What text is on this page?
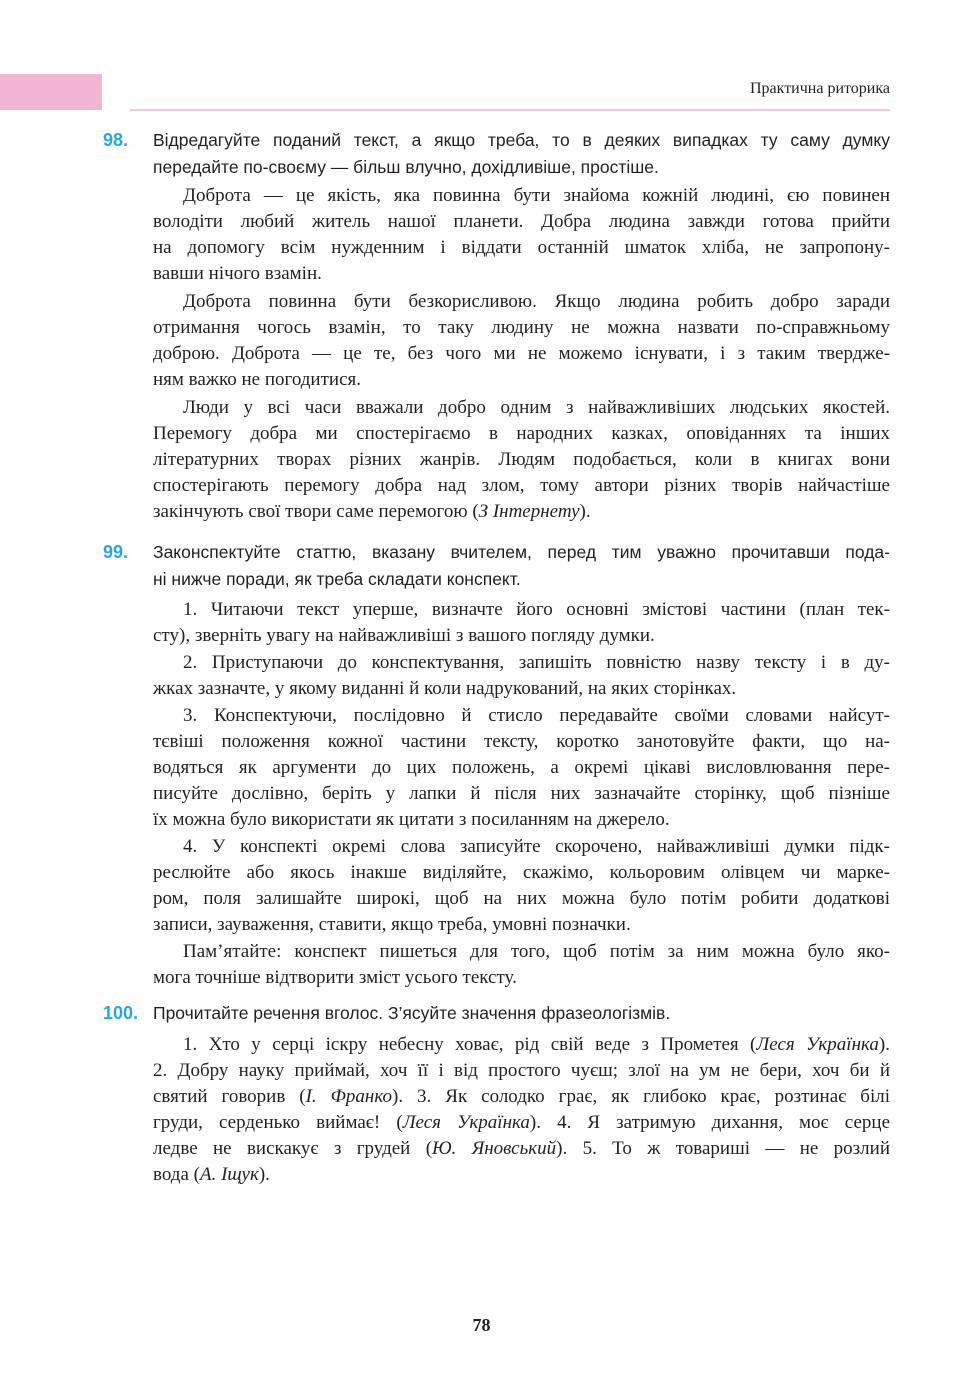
Практична риторика
98. Відредагуйте поданий текст, а якщо треба, то в деяких випадках ту саму думку
передайте по-своєму — більш влучно, дохідливіше, простіше.
Доброта — це якість, яка повинна бути знайома кожній людині, єю повинен
володіти любий житель нашої планети. Добра людина завжди готова прийти
на допомогу всім нужденним і віддати останній шматок хліба, не запропону-
вавши нічого взамін.
Доброта повинна бути безкорисливою. Якщо людина робить добро заради
отримання чогось взамін, то таку людину не можна назвати по-справжньому
доброю. Доброта — це те, без чого ми не можемо існувати, і з таким твердже-
ням важко не погодитися.
Люди у всі часи вважали добро одним з найважливіших людських якостей.
Перемогу добра ми спостерігаємо в народних казках, оповіданнях та інших
літературних творах різних жанрів. Людям подобається, коли в книгах вони
спостерігають перемогу добра над злом, тому автори різних творів найчастіше
закінчують свої твори саме перемогою (З Інтернету).
99. Законспектуйте статтю, вказану вчителем, перед тим уважно прочитавши пода-
ні нижче поради, як треба складати конспект.
1. Читаючи текст уперше, визначте його основні змістові частини (план тек-
сту), зверніть увагу на найважливіші з вашого погляду думки.
2. Приступаючи до конспектування, запишіть повністю назву тексту і в ду-
жках зазначте, у якому виданні й коли надрукований, на яких сторінках.
3. Конспектуючи, послідовно й стисло передавайте своїми словами найсут-
тєвіші положення кожної частини тексту, коротко занотовуйте факти, що на-
водяться як аргументи до цих положень, а окремі цікаві висловлювання пере-
писуйте дослівно, беріть у лапки й після них зазначайте сторінку, щоб пізніше
їх можна було використати як цитати з посиланням на джерело.
4. У конспекті окремі слова записуйте скорочено, найважливіші думки підк-
реслюйте або якось інакше виділяйте, скажімо, кольоровим олівцем чи марке-
ром, поля залишайте широкі, щоб на них можна було потім робити додаткові
записи, зауваження, ставити, якщо треба, умовні позначки.
Пам’ятайте: конспект пишеться для того, щоб потім за ним можна було яко-
мога точніше відтворити зміст усього тексту.
100. Прочитайте речення вголос. З’ясуйте значення фразеологізмів.
1. Хто у серці іскру небесну ховає, рід свій веде з Прометея (Леся Українка).
2. Добру науку приймай, хоч її і від простого чуєш; злої на ум не бери, хоч би й
святий говорив (І. Франко). 3. Як солодко грає, як глибоко крає, розтинає білі
груди, серденько виймає! (Леся Українка). 4. Я затримую дихання, моє серце
ледве не вискакує з грудей (Ю. Яновський). 5. То ж товариші — не розлий
вода (А. Іщук).
78
